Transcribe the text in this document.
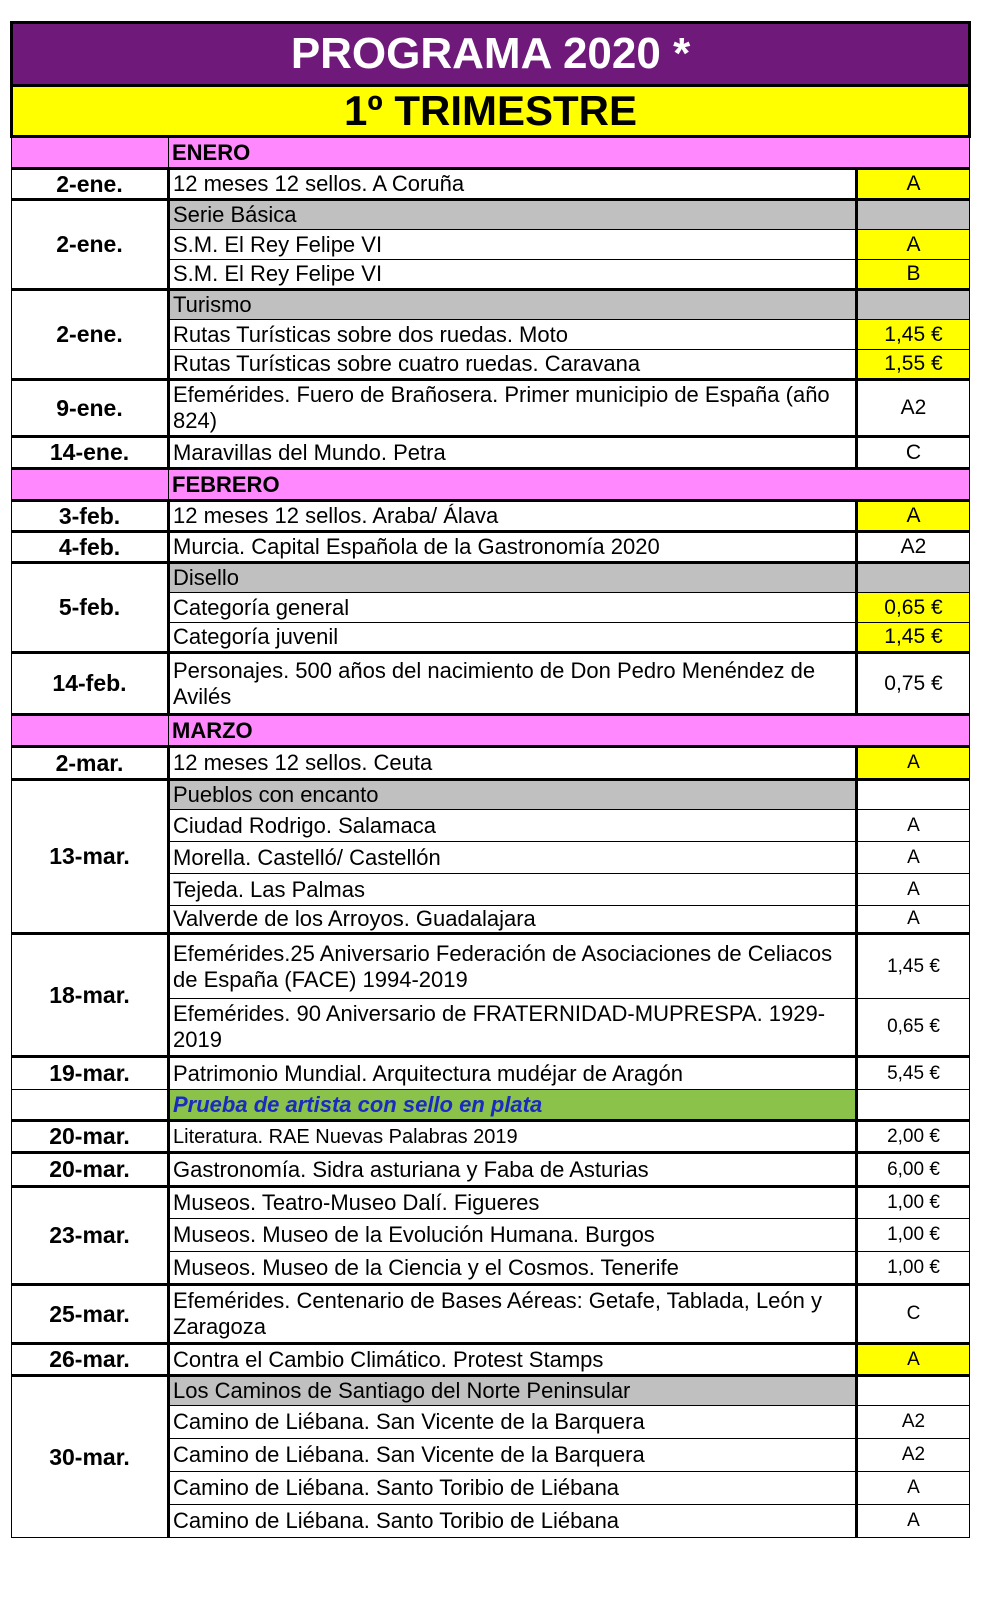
PROGRAMA 2020 *		
1º TRIMESTRE		
	ENERO	
2-ene.	12 meses 12 sellos. A Coruña	A
2-ene.	Serie Básica	
	S.M. El Rey Felipe VI	A
	S.M. El Rey Felipe VI	B
2-ene.	Turismo	
	Rutas Turísticas sobre dos ruedas. Moto	1,45 €
	Rutas Turísticas sobre cuatro ruedas. Caravana	1,55 €
9-ene.	Efemérides. Fuero de Brañosera. Primer municipio de España (año 824)	A2
14-ene.	Maravillas del Mundo. Petra	C
	FEBRERO	
3-feb.	12 meses 12 sellos. Araba/ Álava	A
4-feb.	Murcia. Capital Española de la Gastronomía 2020	A2
5-feb.	Disello	
	Categoría general	0,65 €
	Categoría juvenil	1,45 €
14-feb.	Personajes. 500 años del nacimiento de Don Pedro Menéndez de Avilés	0,75 €
	MARZO	
2-mar.	12 meses 12 sellos. Ceuta	A
13-mar.	Pueblos con encanto	
	Ciudad Rodrigo. Salamaca	A
	Morella. Castelló/ Castellón	A
	Tejeda. Las Palmas	A
	Valverde de los Arroyos. Guadalajara	A
18-mar.	Efemérides.25 Aniversario Federación de Asociaciones de Celiacos de España (FACE) 1994-2019	1,45 €
	Efemérides. 90 Aniversario de FRATERNIDAD-MUPRESPA. 1929-2019	0,65 €
19-mar.	Patrimonio Mundial. Arquitectura mudéjar de Aragón	5,45 €
	Prueba de artista con sello en plata	
20-mar.	Literatura. RAE Nuevas Palabras 2019	2,00 €
20-mar.	Gastronomía. Sidra asturiana y Faba de Asturias	6,00 €
23-mar.	Museos. Teatro-Museo Dalí. Figueres	1,00 €
	Museos. Museo de la Evolución Humana. Burgos	1,00 €
	Museos. Museo de la Ciencia y el Cosmos. Tenerife	1,00 €
25-mar.	Efemérides. Centenario de Bases Aéreas: Getafe, Tablada, León y Zaragoza	C
26-mar.	Contra el Cambio Climático. Protest Stamps	A
30-mar.	Los Caminos de Santiago del Norte Peninsular	
	Camino de Liébana. San Vicente de la Barquera	A2
	Camino de Liébana. San Vicente de la Barquera	A2
	Camino de Liébana. Santo Toribio de Liébana	A
	Camino de Liébana. Santo Toribio de Liébana	A
